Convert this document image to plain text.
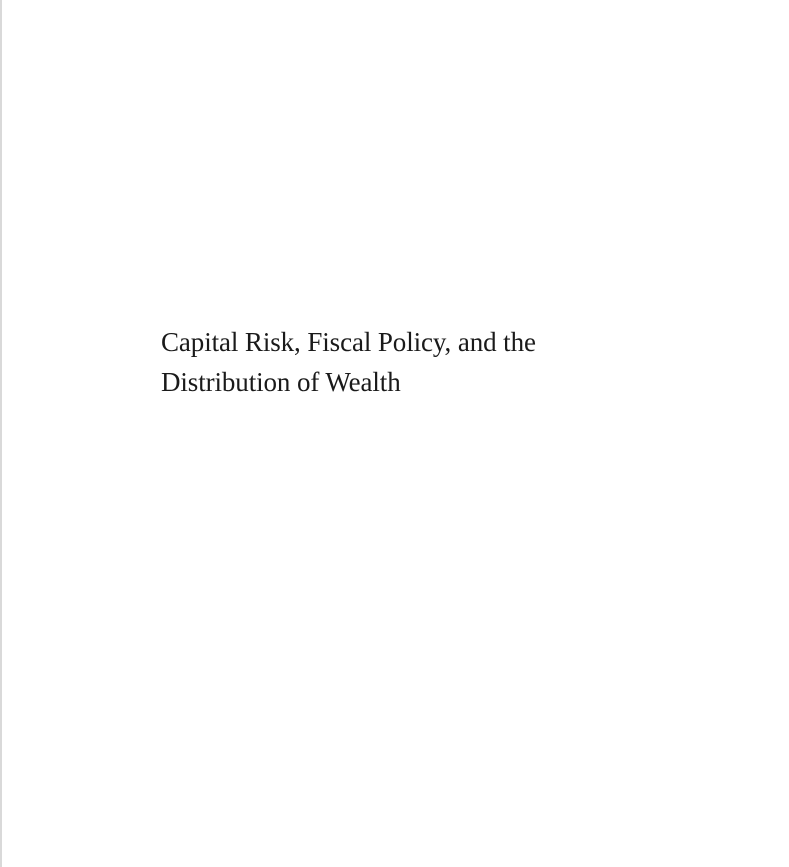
Capital Risk, Fiscal Policy, and the
Distribution of Wealth
